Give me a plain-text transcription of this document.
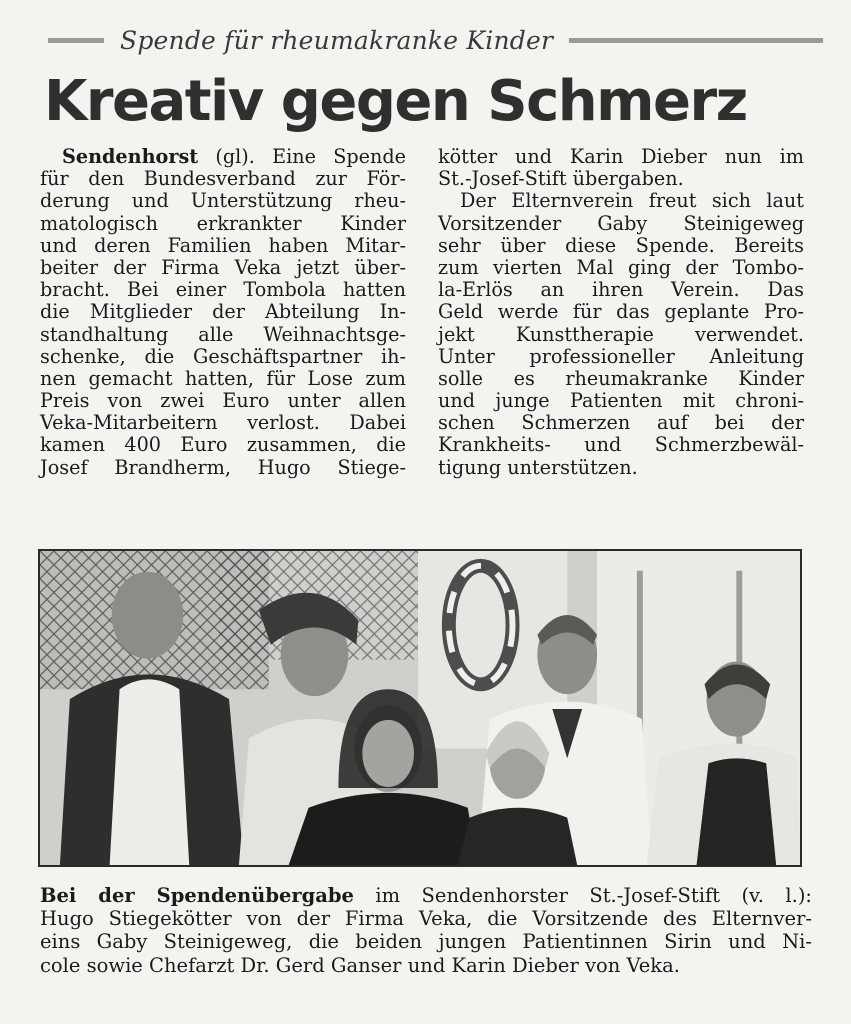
Spende für rheumakranke Kinder
Kreativ gegen Schmerz
Sendenhorst (gl). Eine Spende
für den Bundesverband zur För-
derung und Unterstützung rheu-
matologisch erkrankter Kinder
und deren Familien haben Mitar-
beiter der Firma Veka jetzt über-
bracht. Bei einer Tombola hatten
die Mitglieder der Abteilung In-
standhaltung alle Weihnachtsge-
schenke, die Geschäftspartner ih-
nen gemacht hatten, für Lose zum
Preis von zwei Euro unter allen
Veka-Mitarbeitern verlost. Dabei
kamen 400 Euro zusammen, die
Josef Brandherm, Hugo Stiege-
kötter und Karin Dieber nun im
St.-Josef-Stift übergaben.
Der Elternverein freut sich laut
Vorsitzender Gaby Steinigeweg
sehr über diese Spende. Bereits
zum vierten Mal ging der Tombo-
la-Erlös an ihren Verein. Das
Geld werde für das geplante Pro-
jekt Kunsttherapie verwendet.
Unter professioneller Anleitung
solle es rheumakranke Kinder
und junge Patienten mit chroni-
schen Schmerzen auf bei der
Krankheits- und Schmerzbewäl-
tigung unterstützen.
Bei der Spendenübergabe im Sendenhorster St.-Josef-Stift (v. l.):
Hugo Stiegekötter von der Firma Veka, die Vorsitzende des Elternver-
eins Gaby Steinigeweg, die beiden jungen Patientinnen Sirin und Ni-
cole sowie Chefarzt Dr. Gerd Ganser und Karin Dieber von Veka.
